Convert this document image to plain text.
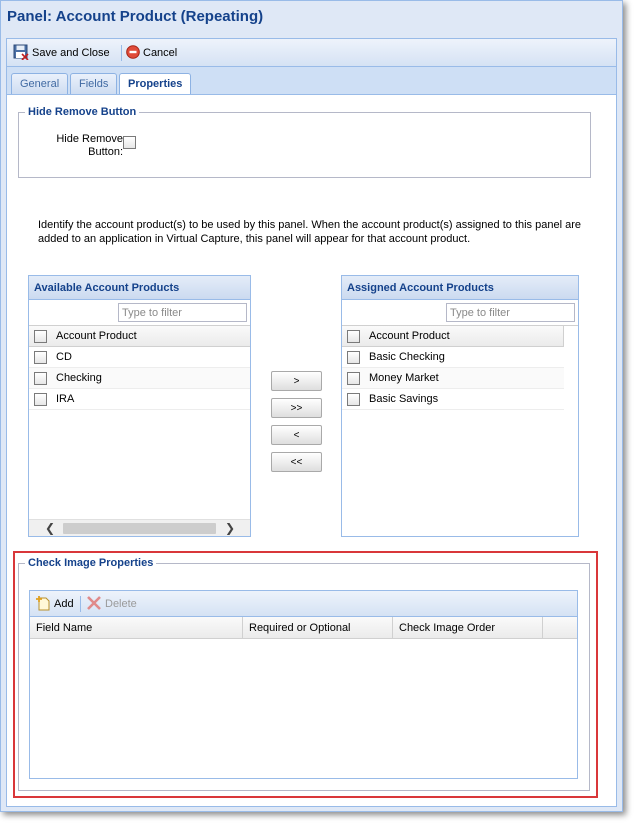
Panel: Account Product (Repeating)
Save and Close	Cancel
General	Fields	Properties
Hide Remove Button
Hide Remove Button:
Identify the account product(s) to be used by this panel. When the account product(s) assigned to this panel are added to an application in Virtual Capture, this panel will appear for that account product.
Available Account Products
Type to filter
Account Product
CD
Checking
IRA
❮	❯
>
>>
<
<<
Assigned Account Products
Type to filter
Account Product
Basic Checking
Money Market
Basic Savings
Check Image Properties
Add	Delete
Field Name	Required or Optional	Check Image Order
